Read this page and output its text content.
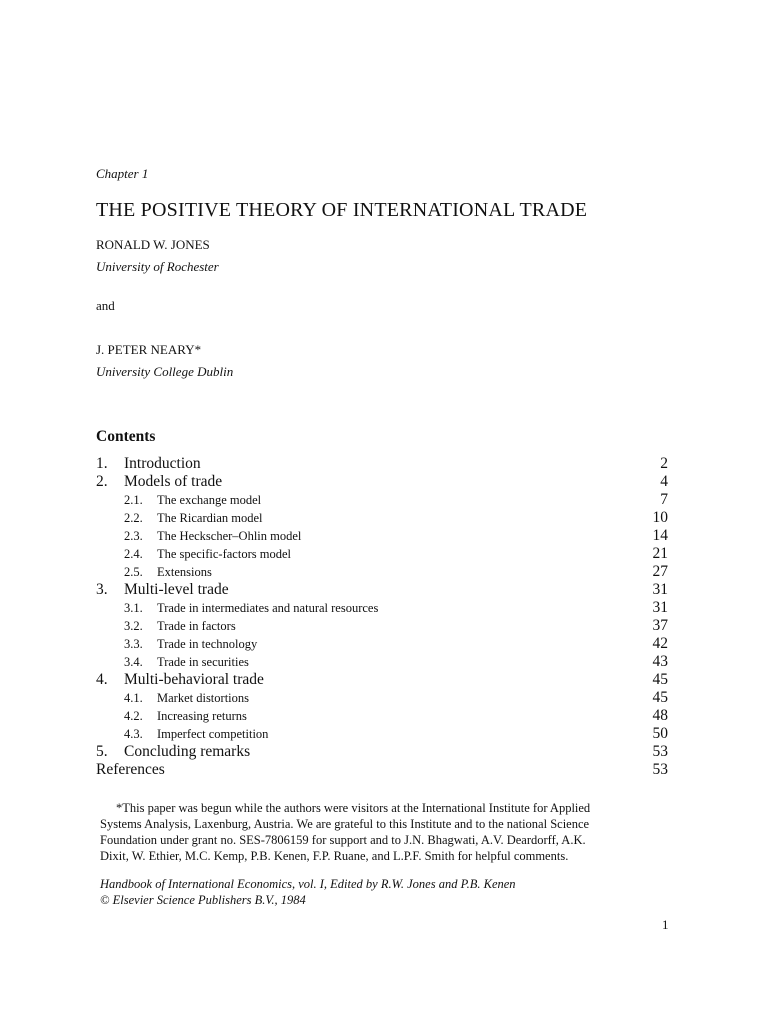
Chapter 1
THE POSITIVE THEORY OF INTERNATIONAL TRADE
RONALD W. JONES
University of Rochester
and
J. PETER NEARY*
University College Dublin
Contents
1. Introduction	2
2. Models of trade	4
2.1. The exchange model	7
2.2. The Ricardian model	10
2.3. The Heckscher–Ohlin model	14
2.4. The specific-factors model	21
2.5. Extensions	27
3. Multi-level trade	31
3.1. Trade in intermediates and natural resources	31
3.2. Trade in factors	37
3.3. Trade in technology	42
3.4. Trade in securities	43
4. Multi-behavioral trade	45
4.1. Market distortions	45
4.2. Increasing returns	48
4.3. Imperfect competition	50
5. Concluding remarks	53
References	53

*This paper was begun while the authors were visitors at the International Institute for Applied

Systems Analysis, Laxenburg, Austria. We are grateful to this Institute and to the national Science

Foundation under grant no. SES-7806159 for support and to J.N. Bhagwati, A.V. Deardorff, A.K.

Dixit, W. Ethier, M.C. Kemp, P.B. Kenen, F.P. Ruane, and L.P.F. Smith for helpful comments.

Handbook of International Economics, vol. I, Edited by R.W. Jones and P.B. Kenen

© Elsevier Science Publishers B.V., 1984

1
